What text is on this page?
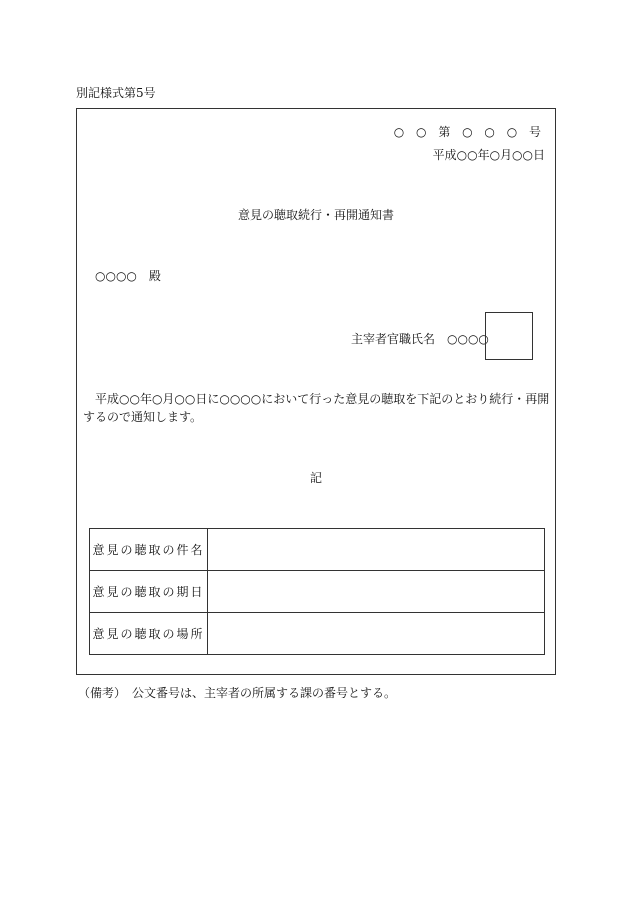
別記様式第5号
○ ○ 第 ○ ○ ○ 号
平成○○年○月○○日
意見の聴取続行・再開通知書
○○○○　殿
主宰者官職氏名　○○○○
平成○○年○月○○日に○○○○において行った意見の聴取を下記のとおり続行・再開するので通知します。
記
意見の聴取の件名	
意見の聴取の期日	
意見の聴取の場所	
（備考）　公文番号は、主宰者の所属する課の番号とする。
